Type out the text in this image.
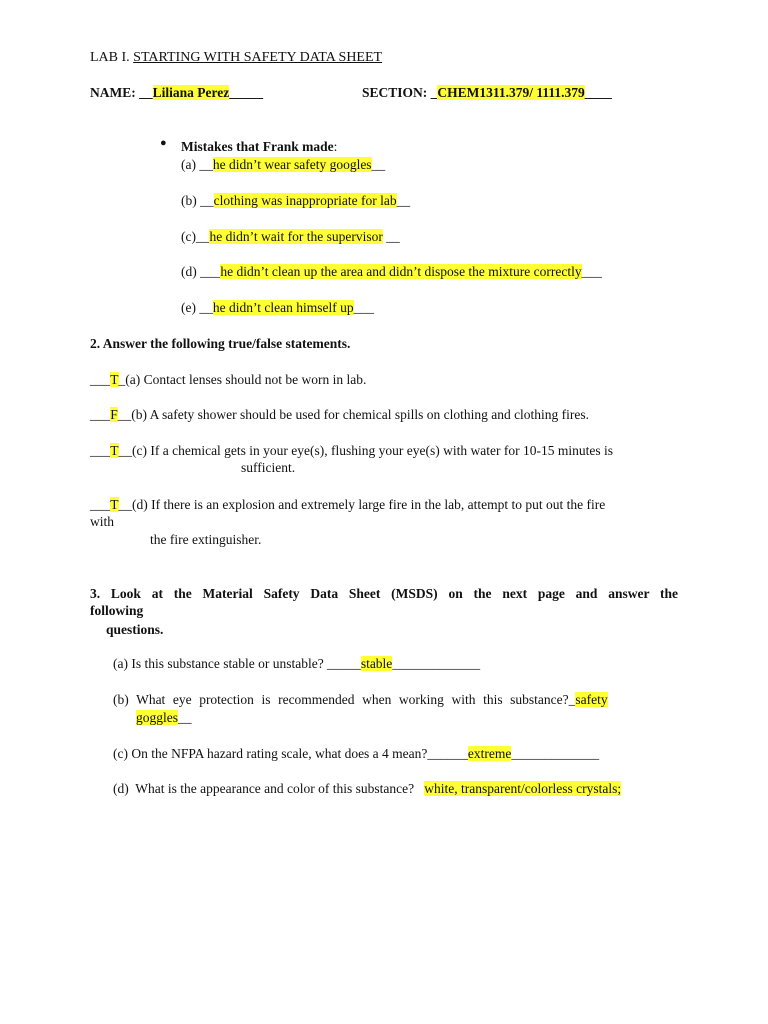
LAB I. STARTING WITH SAFETY DATA SHEET
NAME: __Liliana Perez_____	SECTION: _CHEM1311.379/ 1111.379____
● Mistakes that Frank made:
(a) __he didn’t wear safety googles__
(b) __clothing was inappropriate for lab__
(c)__he didn’t wait for the supervisor __
(d) ___he didn’t clean up the area and didn’t dispose the mixture correctly___
(e) __he didn’t clean himself up___
2. Answer the following true/false statements.
___T_(a) Contact lenses should not be worn in lab.
___F__(b) A safety shower should be used for chemical spills on clothing and clothing fires.
___T__(c) If a chemical gets in your eye(s), flushing your eye(s) with water for 10-15 minutes is
sufficient.
___T__(d) If there is an explosion and extremely large fire in the lab, attempt to put out the fire
with
the fire extinguisher.
3. Look at the Material Safety Data Sheet (MSDS) on the next page and answer the
following
questions.
(a) Is this substance stable or unstable? _____stable_____________
(b) What eye protection is recommended when working with this substance?_safety
goggles__
(c) On the NFPA hazard rating scale, what does a 4 mean?______extreme_____________
(d)  What is the appearance and color of this substance?   white, transparent/colorless crystals;
